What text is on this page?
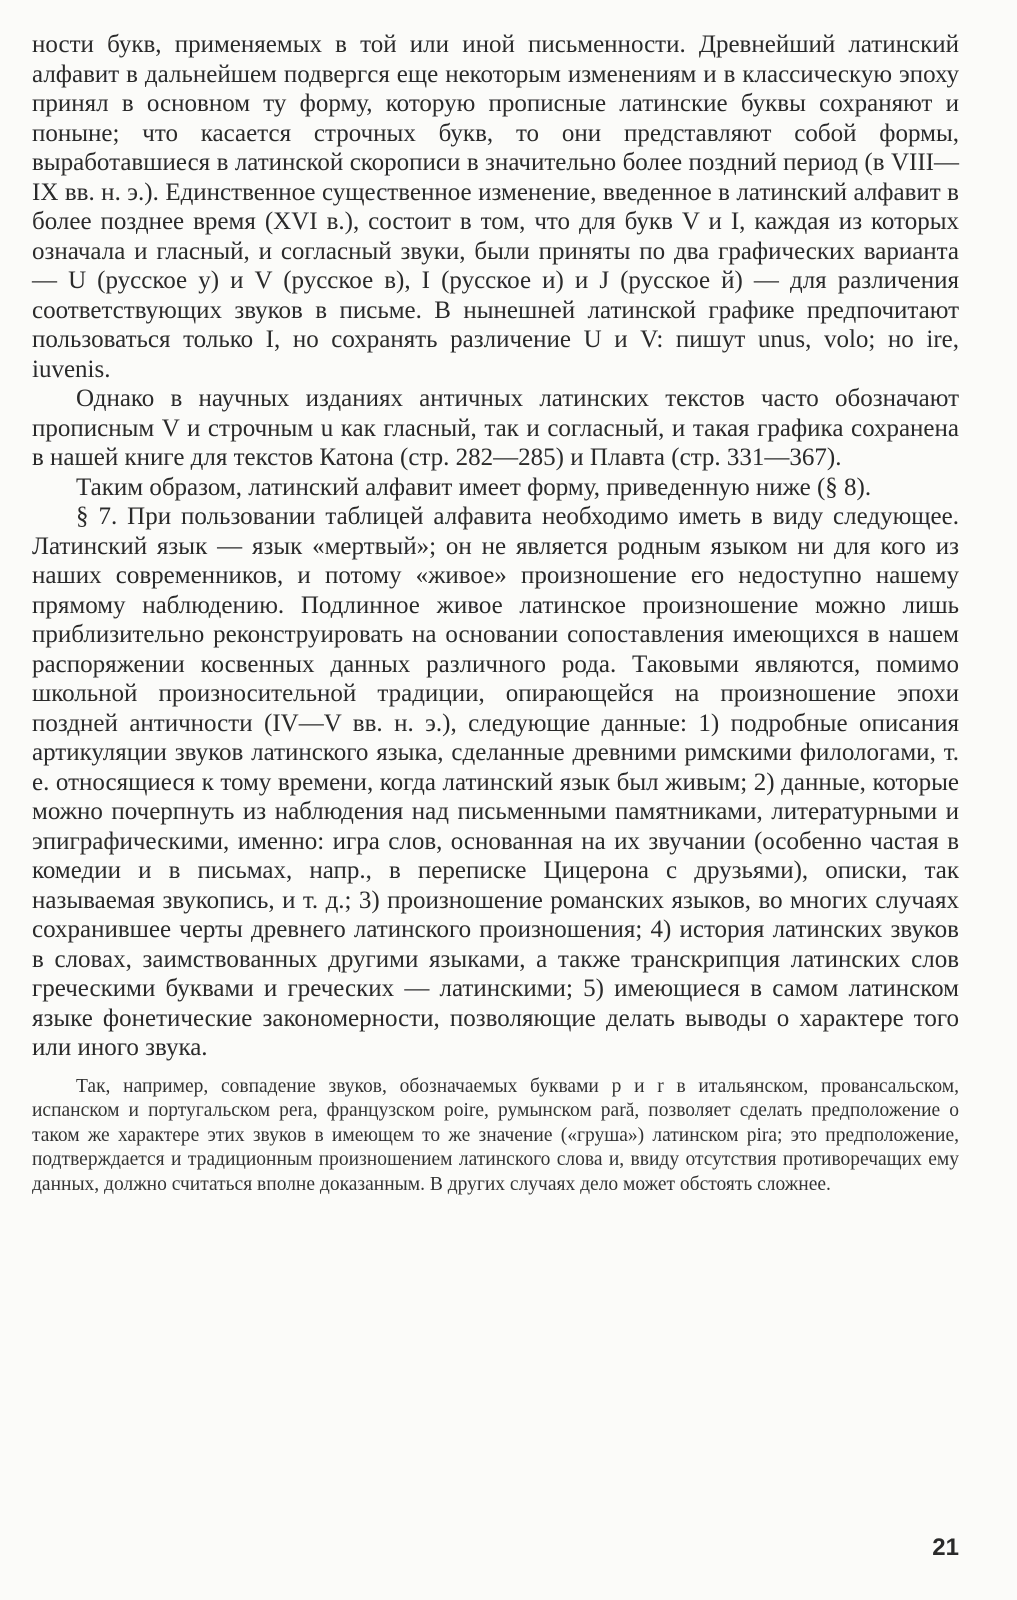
ности букв, применяемых в той или иной письменности. Древнейший латинский алфавит в дальнейшем подвергся еще некоторым изменениям и в классическую эпоху принял в основном ту форму, которую прописные латинские буквы сохраняют и поныне; что касается строчных букв, то они представляют собой формы, выработавшиеся в латинской скорописи в значительно более поздний период (в VIII—IX вв. н. э.). Единственное существенное изменение, введенное в латинский алфавит в более позднее время (XVI в.), состоит в том, что для букв V и I, каждая из которых означала и гласный, и согласный звуки, были приняты по два графических варианта — U (русское у) и V (русское в), I (русское и) и J (русское й) — для различения соответствующих звуков в письме. В нынешней латинской графике предпочитают пользоваться только I, но сохранять различение U и V: пишут unus, volo; но ire, iuvenis.

Однако в научных изданиях античных латинских текстов часто обозначают прописным V и строчным u как гласный, так и согласный, и такая графика сохранена в нашей книге для текстов Катона (стр. 282—285) и Плавта (стр. 331—367).

Таким образом, латинский алфавит имеет форму, приведенную ниже (§ 8).

§ 7. При пользовании таблицей алфавита необходимо иметь в виду следующее. Латинский язык — язык «мертвый»; он не является родным языком ни для кого из наших современников, и потому «живое» произношение его недоступно нашему прямому наблюдению. Подлинное живое латинское произношение можно лишь приблизительно реконструировать на основании сопоставления имеющихся в нашем распоряжении косвенных данных различного рода. Таковыми являются, помимо школьной произносительной традиции, опирающейся на произношение эпохи поздней античности (IV—V вв. н. э.), следующие данные: 1) подробные описания артикуляции звуков латинского языка, сделанные древними римскими филологами, т. е. относящиеся к тому времени, когда латинский язык был живым; 2) данные, которые можно почерпнуть из наблюдения над письменными памятниками, литературными и эпиграфическими, именно: игра слов, основанная на их звучании (особенно частая в комедии и в письмах, напр., в переписке Цицерона с друзьями), описки, так называемая звукопись, и т. д.; 3) произношение романских языков, во многих случаях сохранившее черты древнего латинского произношения; 4) история латинских звуков в словах, заимствованных другими языками, а также транскрипция латинских слов греческими буквами и греческих — латинскими; 5) имеющиеся в самом латинском языке фонетические закономерности, позволяющие делать выводы о характере того или иного звука.

Так, например, совпадение звуков, обозначаемых буквами p и r в итальянском, провансальском, испанском и португальском pera, французском poire, румынском pară, позволяет сделать предположение о таком же характере этих звуков в имеющем то же значение («груша») латинском pira; это предположение, подтверждается и традиционным произношением латинского слова и, ввиду отсутствия противоречащих ему данных, должно считаться вполне доказанным. В других случаях дело может обстоять сложнее.

21
